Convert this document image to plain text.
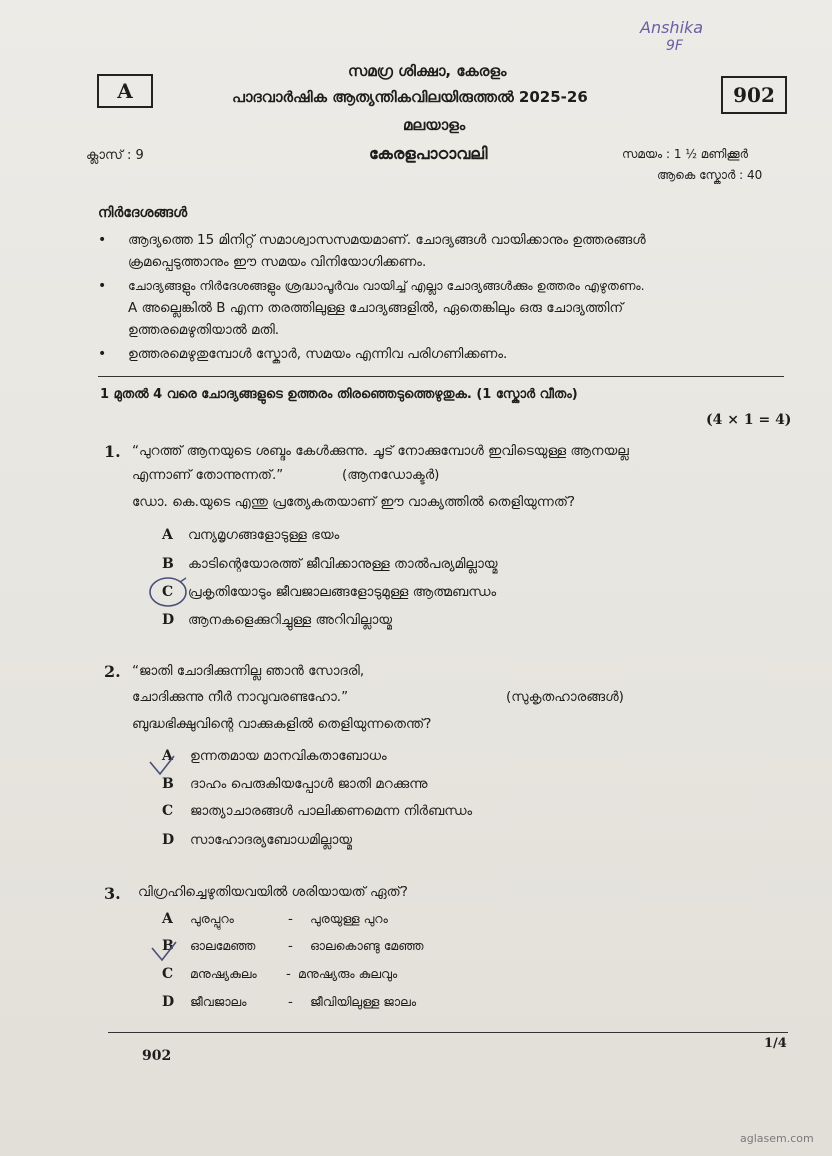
Anshika
9F
A	902
സമഗ്ര ശിക്ഷാ, കേരളം
പാദവാർഷിക ആത്യന്തികവിലയിരുത്തൽ 2025-26
മലയാളം
കേരളപാഠാവലി
ക്ലാസ് : 9	സമയം : 1 ½ മണിക്കൂർ
ആകെ സ്കോർ : 40
നിർദേശങ്ങൾ
• ആദ്യത്തെ 15 മിനിറ്റ് സമാശ്വാസസമയമാണ്. ചോദ്യങ്ങൾ വായിക്കാനും ഉത്തരങ്ങൾ
ക്രമപ്പെടുത്താനും ഈ സമയം വിനിയോഗിക്കണം.
• ചോദ്യങ്ങളും നിർദേശങ്ങളും ശ്രദ്ധാപൂർവം വായിച്ച് എല്ലാ ചോദ്യങ്ങൾക്കും ഉത്തരം എഴുതണം.
A അല്ലെങ്കിൽ B എന്ന തരത്തിലുള്ള ചോദ്യങ്ങളിൽ, ഏതെങ്കിലും ഒരു ചോദ്യത്തിന്
ഉത്തരമെഴുതിയാൽ മതി.
• ഉത്തരമെഴുതുമ്പോൾ സ്കോർ, സമയം എന്നിവ പരിഗണിക്കണം.
1 മുതൽ 4 വരെ ചോദ്യങ്ങളുടെ ഉത്തരം തിരഞ്ഞെടുത്തെഴുതുക. (1 സ്കോർ വീതം)
(4 × 1 = 4)
1. “പുറത്ത് ആനയുടെ ശബ്ദം കേൾക്കുന്നു. ചൂട് നോക്കുമ്പോൾ ഇവിടെയുള്ള ആനയല്ല
എന്നാണ് തോന്നുന്നത്.”	(ആനഡോക്ടർ)
ഡോ. കെ.യുടെ എന്തു പ്രത്യേകതയാണ് ഈ വാക്യത്തിൽ തെളിയുന്നത്?
A വന്യമൃഗങ്ങളോടുള്ള ഭയം
B കാടിന്റെയോരത്ത് ജീവിക്കാനുള്ള താൽപര്യമില്ലായ്മ
C പ്രകൃതിയോടും ജീവജാലങ്ങളോടുമുള്ള ആത്മബന്ധം
D ആനകളെക്കുറിച്ചുള്ള അറിവില്ലായ്മ
2. “ജാതി ചോദിക്കുന്നില്ല ഞാൻ സോദരി,
ചോദിക്കുന്നു നീർ നാവുവരണ്ടഹോ.”	(സുകൃതഹാരങ്ങൾ)
ബുദ്ധഭിക്ഷുവിന്റെ വാക്കുകളിൽ തെളിയുന്നതെന്ത്?
A ഉന്നതമായ മാനവികതാബോധം
B ദാഹം പെരുകിയപ്പോൾ ജാതി മറക്കുന്നു
C ജാത്യാചാരങ്ങൾ പാലിക്കണമെന്ന നിർബന്ധം
D സാഹോദര്യബോധമില്ലായ്മ
3. വിഗ്രഹിച്ചെഴുതിയവയിൽ ശരിയായത് ഏത്?
A പുരപ്പുറം	- പുരയുള്ള പുറം
B ഓലമേഞ്ഞ - ഓലകൊണ്ടു മേഞ്ഞ
C മനുഷ്യകുലം - മനുഷ്യരും കുലവും
D ജീവജാലം	- ജീവിയിലുള്ള ജാലം
902
1/4
aglasem.com
